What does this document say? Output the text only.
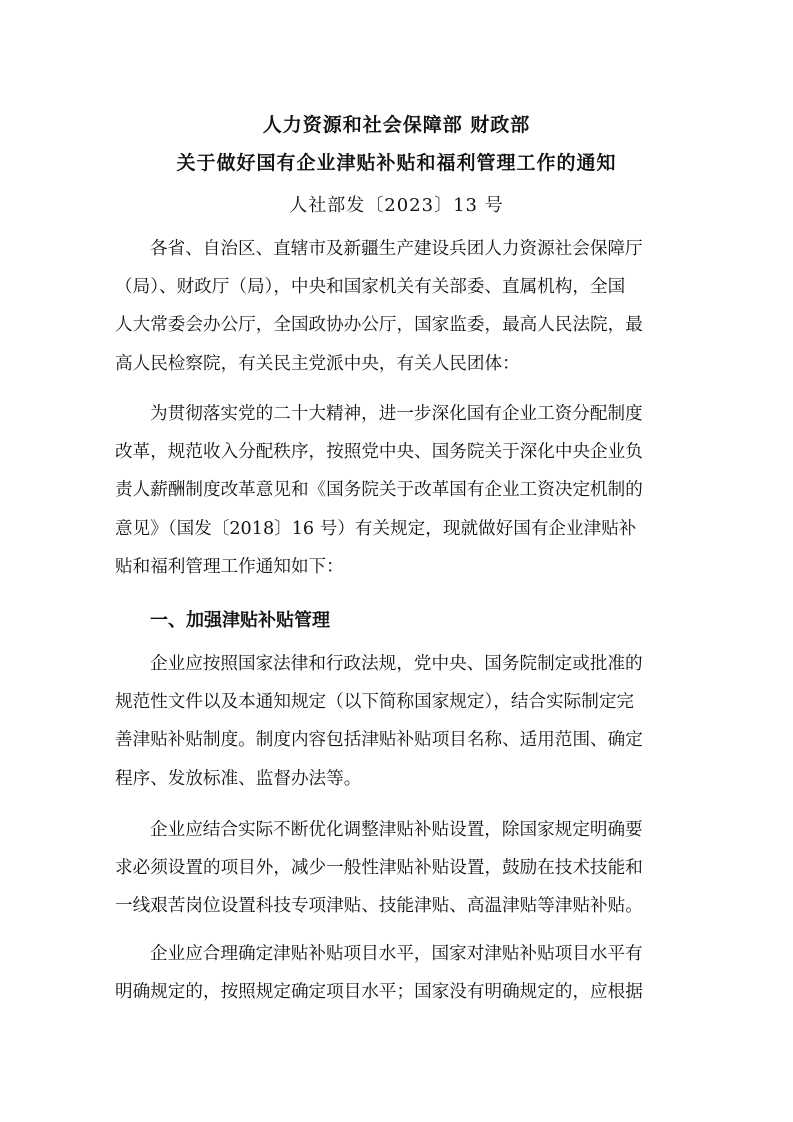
人力资源和社会保障部 财政部
关于做好国有企业津贴补贴和福利管理工作的通知
人社部发〔2023〕13 号
各省、自治区、直辖市及新疆生产建设兵团人力资源社会保障厅
（局）、财政厅（局），中央和国家机关有关部委、直属机构，全国
人大常委会办公厅，全国政协办公厅，国家监委，最高人民法院，最
高人民检察院，有关民主党派中央，有关人民团体：
为贯彻落实党的二十大精神，进一步深化国有企业工资分配制度
改革，规范收入分配秩序，按照党中央、国务院关于深化中央企业负
责人薪酬制度改革意见和《国务院关于改革国有企业工资决定机制的
意见》（国发〔2018〕16 号）有关规定，现就做好国有企业津贴补
贴和福利管理工作通知如下：
一、加强津贴补贴管理
企业应按照国家法律和行政法规，党中央、国务院制定或批准的
规范性文件以及本通知规定（以下简称国家规定），结合实际制定完
善津贴补贴制度。制度内容包括津贴补贴项目名称、适用范围、确定
程序、发放标准、监督办法等。
企业应结合实际不断优化调整津贴补贴设置，除国家规定明确要
求必须设置的项目外，减少一般性津贴补贴设置，鼓励在技术技能和
一线艰苦岗位设置科技专项津贴、技能津贴、高温津贴等津贴补贴。
企业应合理确定津贴补贴项目水平，国家对津贴补贴项目水平有
明确规定的，按照规定确定项目水平；国家没有明确规定的，应根据
